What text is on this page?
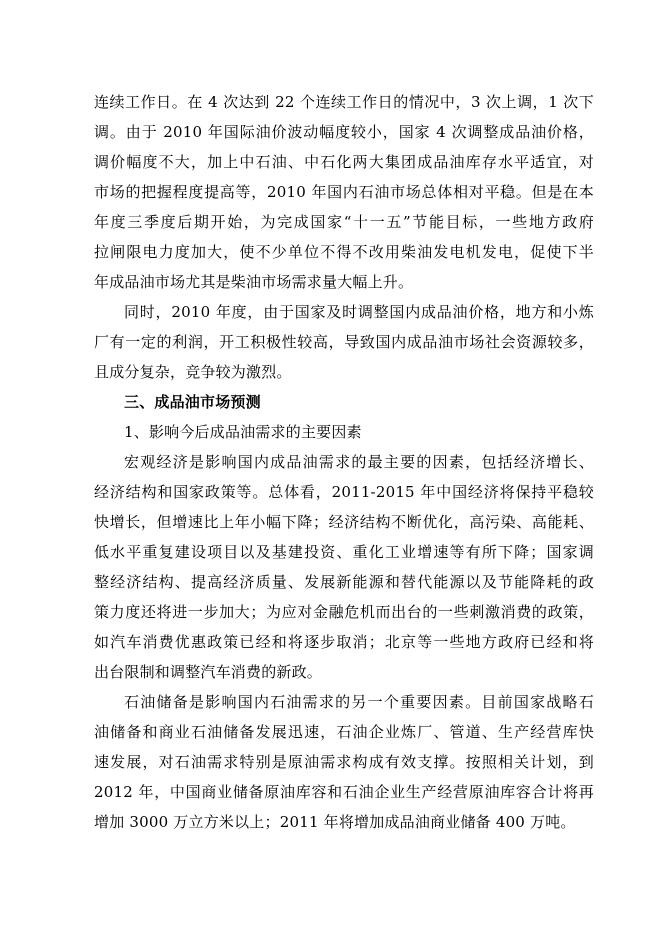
连续工作日。在 4 次达到 22 个连续工作日的情况中，3 次上调，1 次下
调。由于 2010 年国际油价波动幅度较小，国家 4 次调整成品油价格，
调价幅度不大，加上中石油、中石化两大集团成品油库存水平适宜，对
市场的把握程度提高等，2010 年国内石油市场总体相对平稳。但是在本
年度三季度后期开始，为完成国家“十一五”节能目标，一些地方政府
拉闸限电力度加大，使不少单位不得不改用柴油发电机发电，促使下半
年成品油市场尤其是柴油市场需求量大幅上升。
同时，2010 年度，由于国家及时调整国内成品油价格，地方和小炼
厂有一定的利润，开工积极性较高，导致国内成品油市场社会资源较多，
且成分复杂，竞争较为激烈。
三、成品油市场预测
1、影响今后成品油需求的主要因素
宏观经济是影响国内成品油需求的最主要的因素，包括经济增长、
经济结构和国家政策等。总体看，2011-2015 年中国经济将保持平稳较
快增长，但增速比上年小幅下降；经济结构不断优化，高污染、高能耗、
低水平重复建设项目以及基建投资、重化工业增速等有所下降；国家调
整经济结构、提高经济质量、发展新能源和替代能源以及节能降耗的政
策力度还将进一步加大；为应对金融危机而出台的一些刺激消费的政策，
如汽车消费优惠政策已经和将逐步取消；北京等一些地方政府已经和将
出台限制和调整汽车消费的新政。
石油储备是影响国内石油需求的另一个重要因素。目前国家战略石
油储备和商业石油储备发展迅速，石油企业炼厂、管道、生产经营库快
速发展，对石油需求特别是原油需求构成有效支撑。按照相关计划，到
2012 年，中国商业储备原油库容和石油企业生产经营原油库容合计将再
增加 3000 万立方米以上；2011 年将增加成品油商业储备 400 万吨。
